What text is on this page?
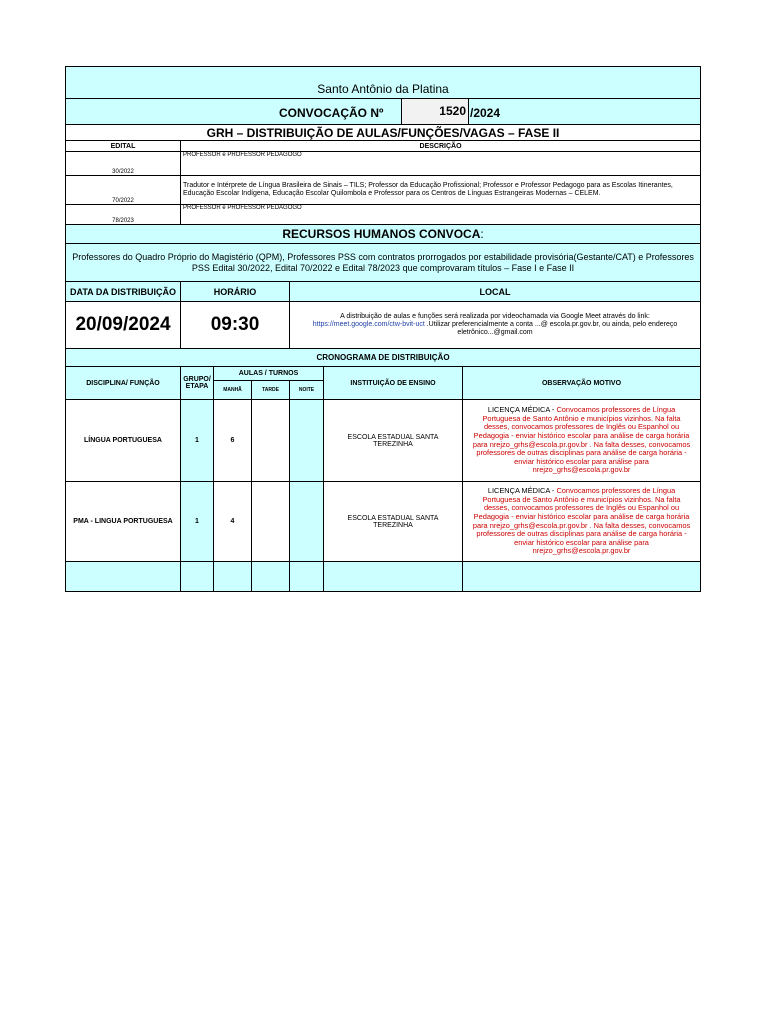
Santo Antônio da Platina						

CONVOCAÇÃO Nº 1520 /2024						

GRH – DISTRIBUIÇÃO DE AULAS/FUNÇÕES/VAGAS – FASE II						
EDITAL	DESCRIÇÃO					
30/2022	PROFESSOR e PROFESSOR PEDAGOGO					
70/2022	Tradutor e Intérprete de Língua Brasileira de Sinais – TILS; Professor da Educação Profissional; Professor e Professor Pedagogo para as Escolas Itinerantes, Educação Escolar Indígena, Educação Escolar Quilombola e Professor para os Centros de Línguas Estrangeiras Modernas – CELEM.					
78/2023	PROFESSOR e PROFESSOR PEDAGOGO					
RECURSOS HUMANOS CONVOCA:						
Professores do Quadro Próprio do Magistério (QPM), Professores PSS com contratos prorrogados por estabilidade provisória(Gestante/CAT) e Professores PSS Edital 30/2022, Edital 70/2022 e Edital 78/2023 que comprovaram títulos – Fase I e Fase II						
DATA DA DISTRIBUIÇÃO	HORÁRIO			LOCAL		
20/09/2024	09:30			A distribuição de aulas e funções será realizada por videochamada via Google Meet através do link:
https://meet.google.com/ctw-bvit-uct .Utilizar preferencialmente a conta ...@ escola.pr.gov.br, ou ainda, pelo endereço eletrônico...@gmail.com		
CRONOGRAMA DE DISTRIBUIÇÃO						
DISCIPLINA/ FUNÇÃO	GRUPO/ ETAPA	AULAS / TURNOS			INSTITUIÇÃO DE ENSINO	OBSERVAÇÃO MOTIVO
		MANHÃ	TARDE	NOITE		
LÍNGUA PORTUGUESA	1	6			ESCOLA ESTADUAL SANTA TEREZINHA	LICENÇA MÉDICA - Convocamos professores de Língua Portuguesa de Santo Antônio e municípios vizinhos. Na falta desses, convocamos professores de Inglês ou Espanhol ou Pedagogia - enviar histórico escolar para análise de carga horária para nrejzo_grhs@escola.pr.gov.br . Na falta desses, convocamos professores de outras disciplinas para análise de carga horária - enviar histórico escolar para análise para nrejzo_grhs@escola.pr.gov.br
PMA - LINGUA PORTUGUESA	1	4			ESCOLA ESTADUAL SANTA TEREZINHA	LICENÇA MÉDICA - Convocamos professores de Língua Portuguesa de Santo Antônio e municípios vizinhos. Na falta desses, convocamos professores de Inglês ou Espanhol ou Pedagogia - enviar histórico escolar para análise de carga horária para nrejzo_grhs@escola.pr.gov.br . Na falta desses, convocamos professores de outras disciplinas para análise de carga horária - enviar histórico escolar para análise para nrejzo_grhs@escola.pr.gov.br
